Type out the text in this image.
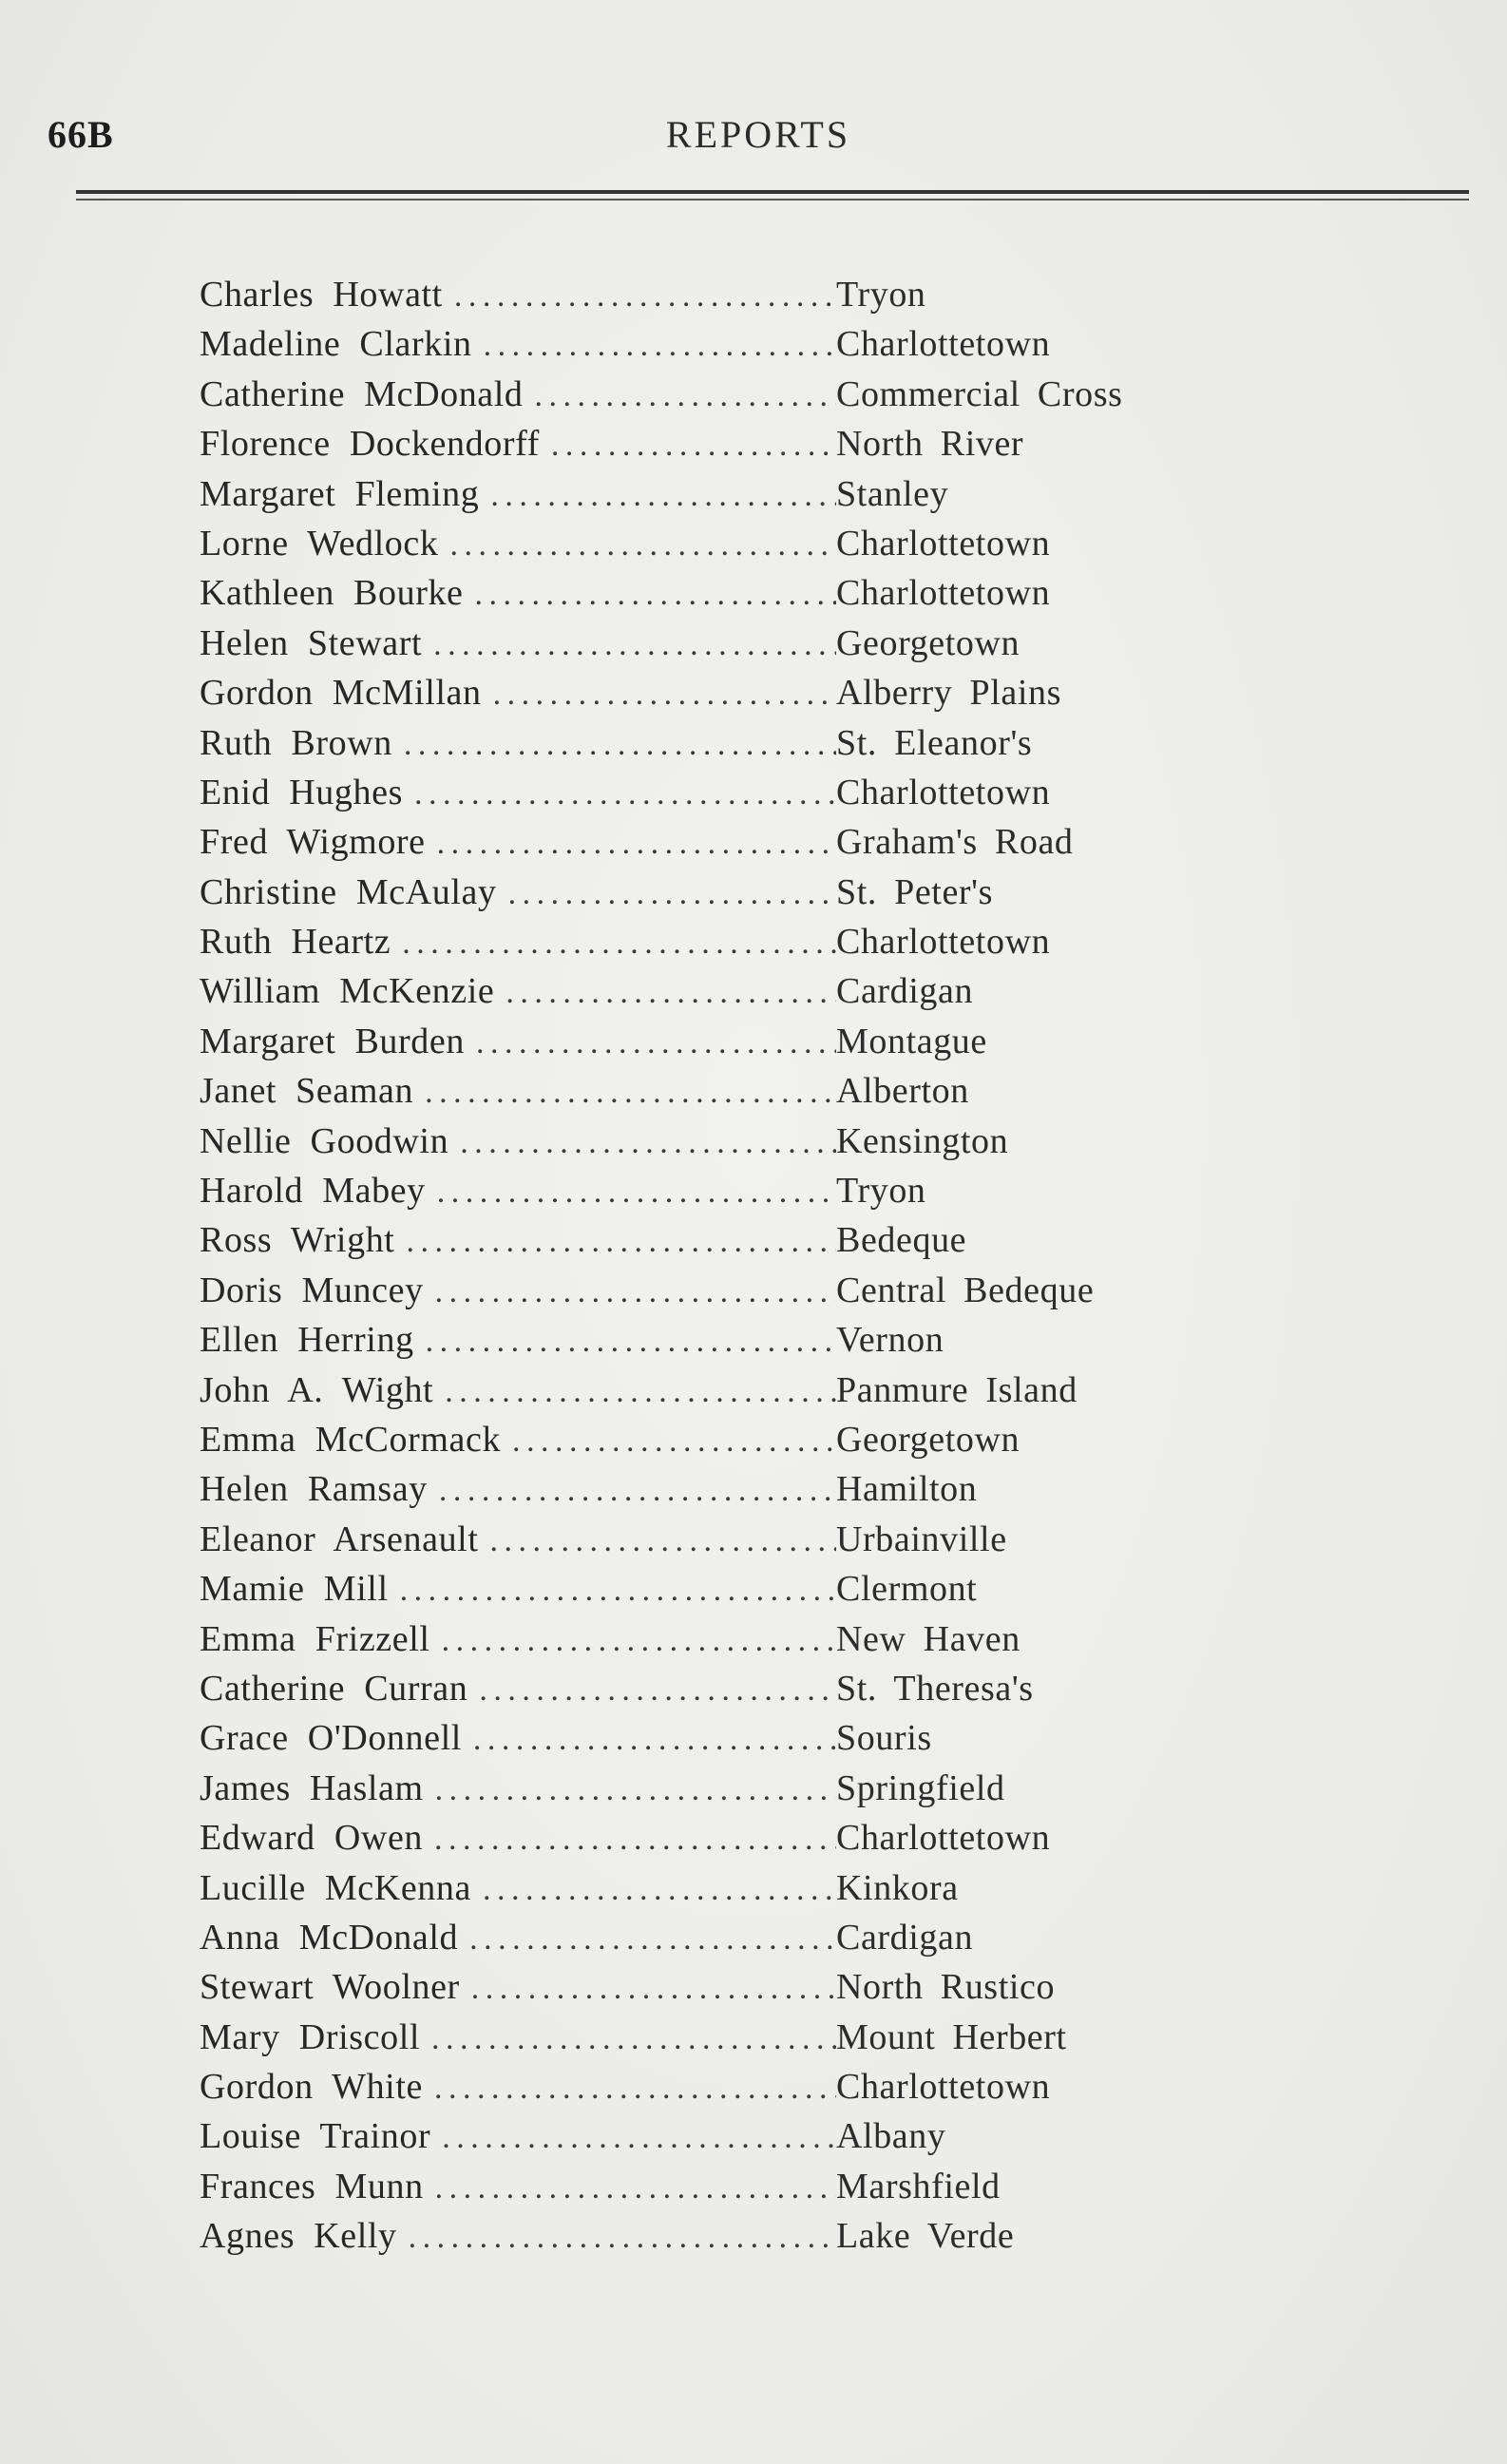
66B	REPORTS
Charles Howatt . . .	Tryon
Madeline Clarkin . . .	Charlottetown
Catherine McDonald . . .	Commercial Cross
Florence Dockendorff . . .	North River
Margaret Fleming . . .	Stanley
Lorne Wedlock . . .	Charlottetown
Kathleen Bourke . . .	Charlottetown
Helen Stewart . . .	Georgetown
Gordon McMillan . . .	Alberry Plains
Ruth Brown . . .	St. Eleanor's
Enid Hughes . . .	Charlottetown
Fred Wigmore . . .	Graham's Road
Christine McAulay . . .	St. Peter's
Ruth Heartz . . .	Charlottetown
William McKenzie . . .	Cardigan
Margaret Burden . . .	Montague
Janet Seaman . . .	Alberton
Nellie Goodwin . . .	Kensington
Harold Mabey . . .	Tryon
Ross Wright . . .	Bedeque
Doris Muncey . . .	Central Bedeque
Ellen Herring . . .	Vernon
John A. Wight . . .	Panmure Island
Emma McCormack . . .	Georgetown
Helen Ramsay . . .	Hamilton
Eleanor Arsenault . . .	Urbainville
Mamie Mill . . .	Clermont
Emma Frizzell . . .	New Haven
Catherine Curran . . .	St. Theresa's
Grace O'Donnell . . .	Souris
James Haslam . . .	Springfield
Edward Owen . . .	Charlottetown
Lucille McKenna . . .	Kinkora
Anna McDonald . . .	Cardigan
Stewart Woolner . . .	North Rustico
Mary Driscoll . . .	Mount Herbert
Gordon White . . .	Charlottetown
Louise Trainor . . .	Albany
Frances Munn . . .	Marshfield
Agnes Kelly . . .	Lake Verde
